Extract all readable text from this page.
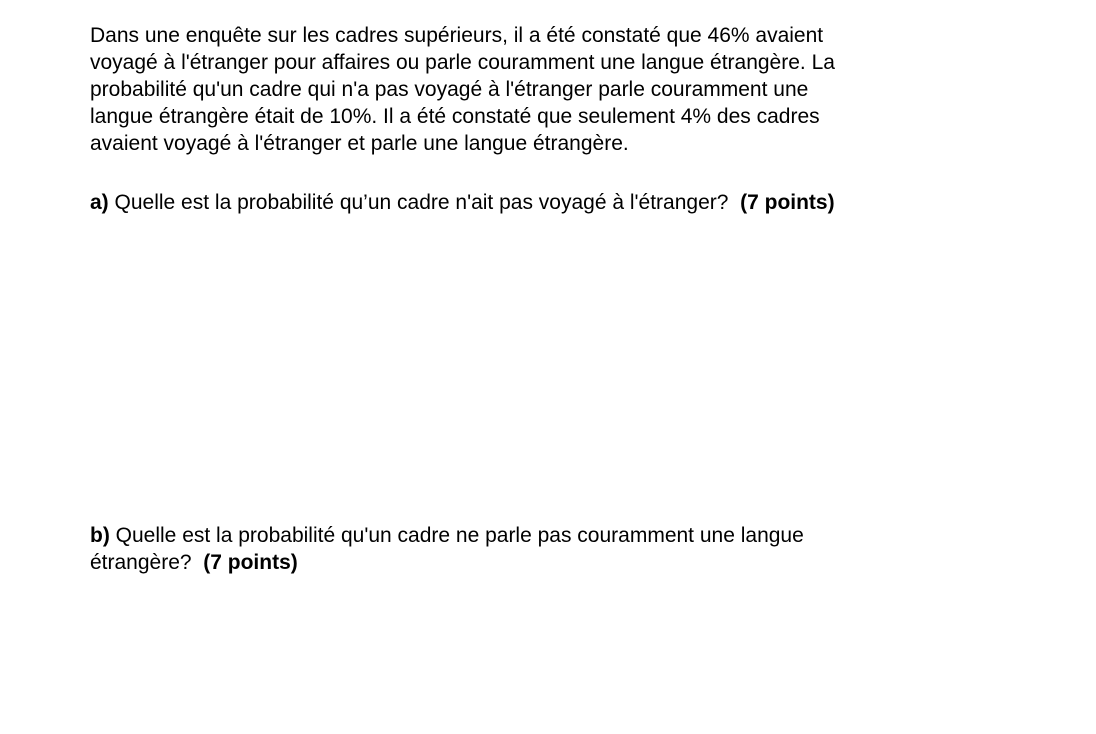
Dans une enquête sur les cadres supérieurs, il a été constaté que 46% avaient
voyagé à l'étranger pour affaires ou parle couramment une langue étrangère. La
probabilité qu'un cadre qui n'a pas voyagé à l'étranger parle couramment une
langue étrangère était de 10%. Il a été constaté que seulement 4% des cadres
avaient voyagé à l'étranger et parle une langue étrangère.
a) Quelle est la probabilité qu’un cadre n'ait pas voyagé à l'étranger?  (7 points)
b) Quelle est la probabilité qu'un cadre ne parle pas couramment une langue
étrangère?  (7 points)
